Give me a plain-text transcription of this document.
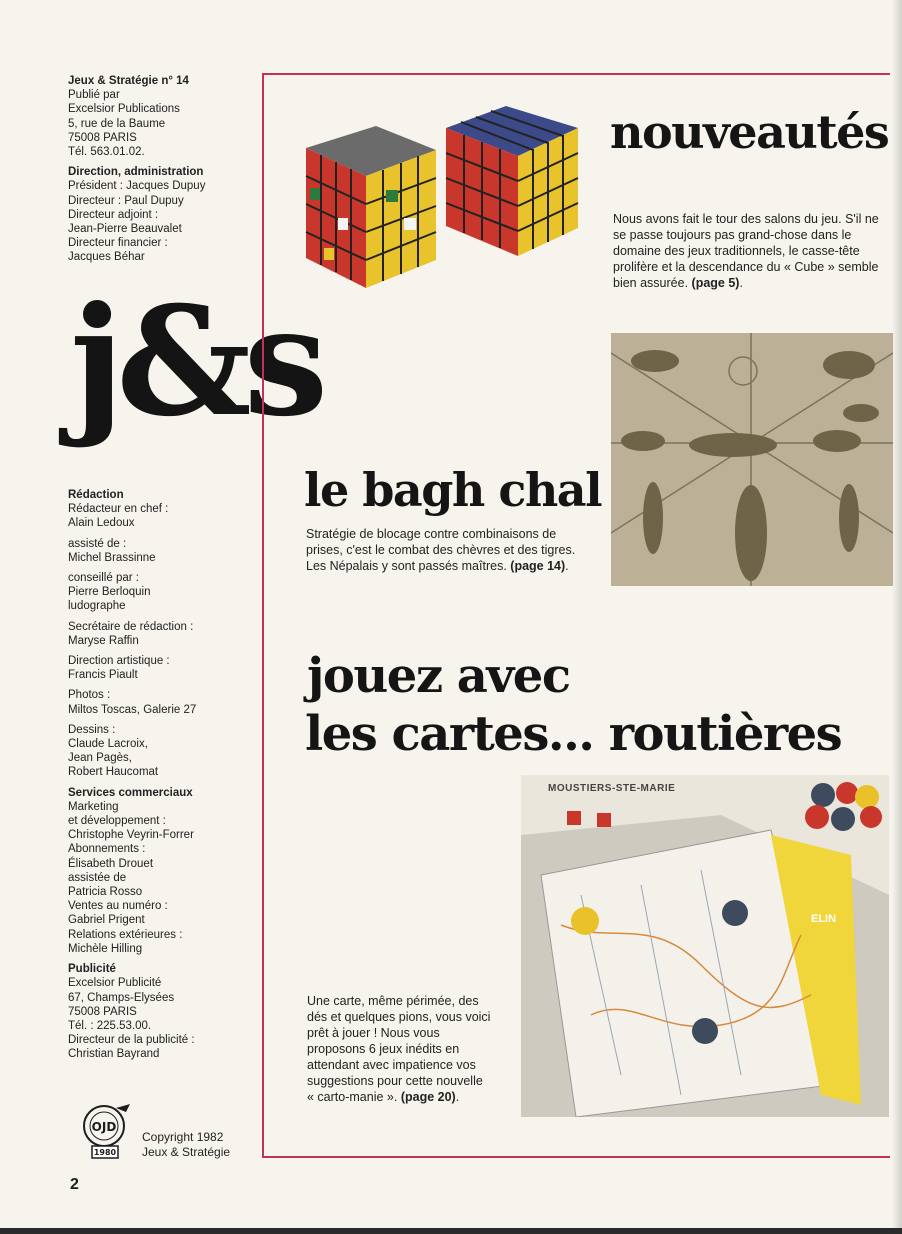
Jeux & Stratégie n° 14

Publié par

Excelsior Publications

5, rue de la Baume

75008 PARIS

Tél. 563.01.02.

Direction, administration

Président : Jacques Dupuy

Directeur : Paul Dupuy

Directeur adjoint :

Jean-Pierre Beauvalet

Directeur financier :

Jacques Béhar

j&s

Rédaction

Rédacteur en chef :

Alain Ledoux

assisté de :

Michel Brassinne

conseillé par :

Pierre Berloquin

ludographe

Secrétaire de rédaction :

Maryse Raffin

Direction artistique :

Francis Piault

Photos :

Miltos Toscas, Galerie 27

Dessins :

Claude Lacroix,

Jean Pagès,

Robert Haucomat

Services commerciaux

Marketing

et développement :

Christophe Veyrin-Forrer

Abonnements :

Élisabeth Drouet

assistée de

Patricia Rosso

Ventes au numéro :

Gabriel Prigent

Relations extérieures :

Michèle Hilling

Publicité

Excelsior Publicité

67, Champs-Elysées

75008 PARIS

Tél. : 225.53.00.

Directeur de la publicité :

Christian Bayrand

OJD
1980

Copyright 1982

Jeux & Stratégie

2
nouveautés

Nous avons fait le tour des salons du jeu. S'il ne se passe toujours pas grand-chose dans le domaine des jeux traditionnels, le casse-tête prolifère et la descendance du « Cube » semble bien assurée. (page 5).

le bagh chal

Stratégie de blocage contre combinaisons de prises, c'est le combat des chèvres et des tigres. Les Népalais y sont passés maîtres. (page 14).

jouez avec
les cartes... routières
MOUSTIERS-STE-MARIE
ELIN

Une carte, même périmée, des dés et quelques pions, vous voici prêt à jouer ! Nous vous proposons 6 jeux inédits en attendant avec impatience vos suggestions pour cette nouvelle « carto-manie ». (page 20).
